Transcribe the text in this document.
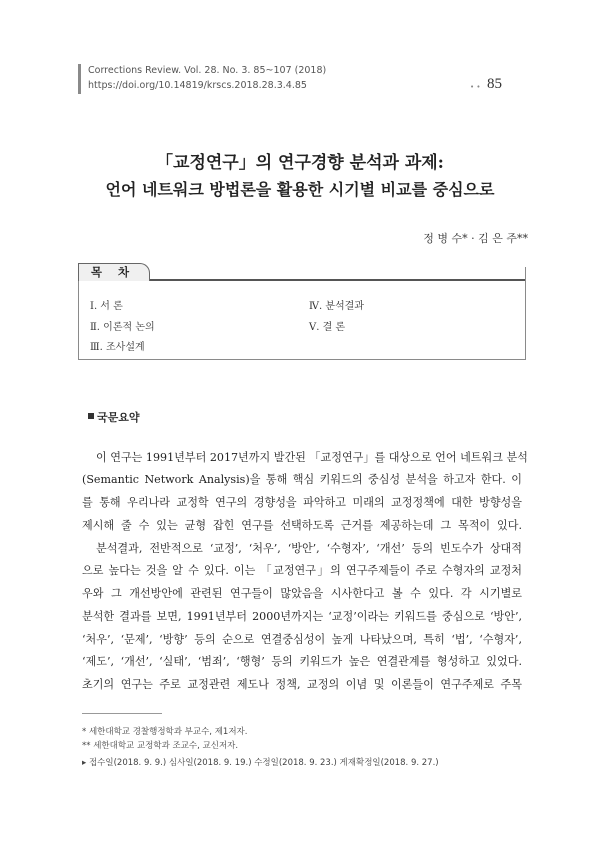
Corrections Review. Vol. 28. No. 3. 85~107 (2018)
https://doi.org/10.14819/krscs.2018.28.3.4.85	• • 85
「교정연구」의 연구경향 분석과 과제:
언어 네트워크 방법론을 활용한 시기별 비교를 중심으로
정 병 수* · 김 은 주**
목 차
Ⅰ. 서 론
Ⅱ. 이론적 논의
Ⅲ. 조사설계
Ⅳ. 분석결과
Ⅴ. 결 론
국문요약
이 연구는 1991년부터 2017년까지 발간된 「교정연구」를 대상으로 언어 네트워크 분석
(Semantic Network Analysis)을 통해 핵심 키워드의 중심성 분석을 하고자 한다. 이
를 통해 우리나라 교정학 연구의 경향성을 파악하고 미래의 교정정책에 대한 방향성을
제시해 줄 수 있는 균형 잡힌 연구를 선택하도록 근거를 제공하는데 그 목적이 있다.
분석결과, 전반적으로 ‘교정’, ‘처우’, ‘방안’, ‘수형자’, ‘개선’ 등의 빈도수가 상대적
으로 높다는 것을 알 수 있다. 이는 「교정연구」의 연구주제들이 주로 수형자의 교정처
우와 그 개선방안에 관련된 연구들이 많았음을 시사한다고 볼 수 있다. 각 시기별로
분석한 결과를 보면, 1991년부터 2000년까지는 ‘교정’이라는 키워드를 중심으로 ‘방안’,
‘처우’, ‘문제’, ‘방향’ 등의 순으로 연결중심성이 높게 나타났으며, 특히 ‘법’, ‘수형자’,
‘제도’, ‘개선’, ‘실태’, ‘범죄’, ‘행형’ 등의 키워드가 높은 연결관계를 형성하고 있었다.
초기의 연구는 주로 교정관련 제도나 정책, 교정의 이념 및 이론들이 연구주제로 주목
* 세한대학교 경찰행정학과 부교수, 제1저자.
** 세한대학교 교정학과 조교수, 교신저자.
▸ 접수일(2018. 9. 9.) 심사일(2018. 9. 19.) 수정일(2018. 9. 23.) 게재확정일(2018. 9. 27.)
